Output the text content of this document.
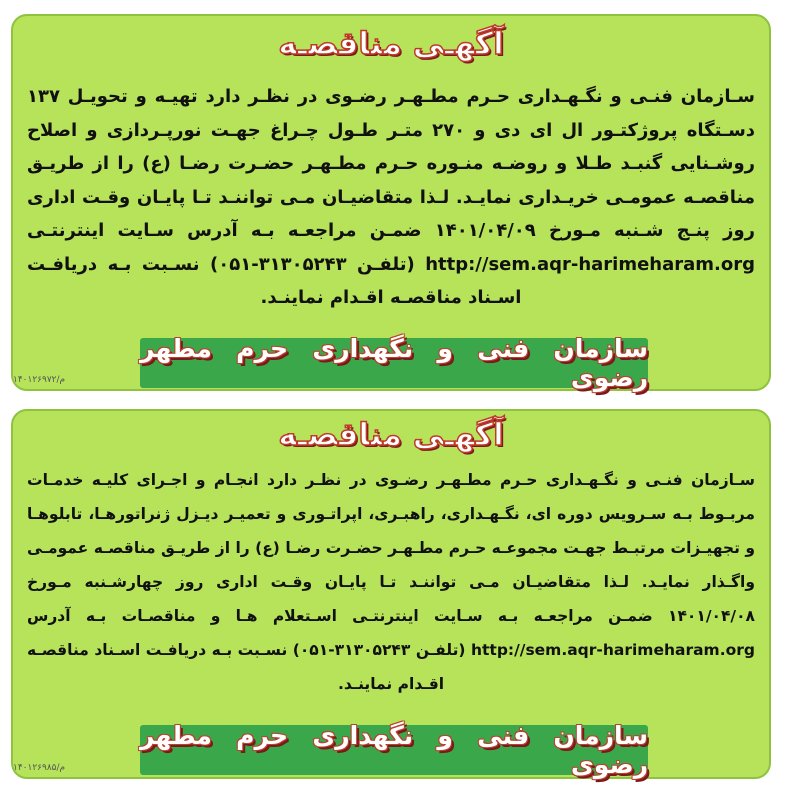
آگهـی مناقصـه
سـازمان فنـی و نگـهـداری حـرم مطـهـر رضـوی در نظـر دارد تهیـه و تحویـل ۱۳۷ دسـتگاه پروژکتـور ال ای دی و ۲۷۰ متـر طـول چـراغ جهـت نورپـردازی و اصلاح روشـنایی گنبـد طـلا و روضـه منـوره حـرم مطـهـر حضـرت رضـا (ع) را از طریـق مناقصـه عمومـی خریـداری نمایـد. لـذا متقاضیـان مـی تواننـد تـا پایـان وقـت اداری روز پنـج شـنبه مـورخ ۱۴۰۱/۰۴/۰۹ ضمـن مراجعـه بـه آدرس سـایت اینترنتـی http://sem.aqr-harimeharam.org (تلفـن ۳۱۳۰۵۲۴۳-۰۵۱) نسـبت بـه دریافـت اسـناد مناقصـه اقـدام نماینـد.
سازمان فنی و نگهداری حرم مطهر رضوی
م/۱۴۰۱۲۶۹۷۲
آگهـی مناقصـه
سـازمان فنـی و نگـهـداری حـرم مطـهـر رضـوی در نظـر دارد انجـام و اجـرای کلیـه خدمـات مربـوط بـه سـرویس دوره ای، نگـهـداری، راهبـری، اپراتـوری و تعمیـر دیـزل ژنراتورهـا، تابلوهـا و تجهیـزات مرتبـط جهـت مجموعـه حـرم مطـهـر حضـرت رضـا (ع) را از طریـق مناقصـه عمومـی واگـذار نمایـد. لـذا متقاضیـان مـی تواننـد تـا پایـان وقـت اداری روز چهارشـنبه مـورخ ۱۴۰۱/۰۴/۰۸ ضمـن مراجعـه بـه سـایت اینترنتـی اسـتعلام هـا و مناقصـات بـه آدرس http://sem.aqr-harimeharam.org (تلفـن ۳۱۳۰۵۲۴۳-۰۵۱) نسـبت بـه دریافـت اسـناد مناقصـه اقـدام نماینـد.
سازمان فنی و نگهداری حرم مطهر رضوی
م/۱۴۰۱۲۶۹۸۵
